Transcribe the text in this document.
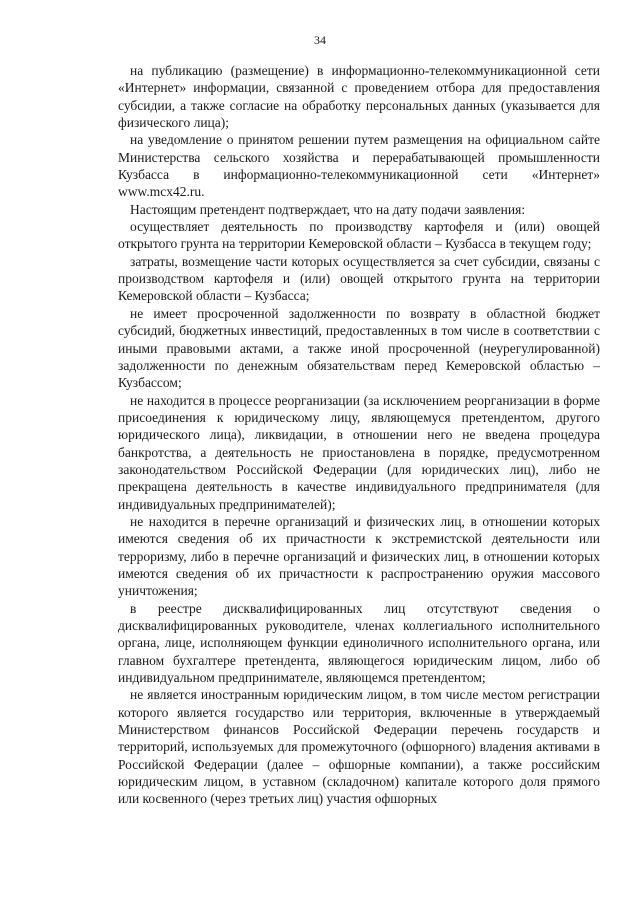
34

на публикацию (размещение) в информационно-телекоммуникационной сети «Интернет» информации, связанной с проведением отбора для предоставления субсидии, а также согласие на обработку персональных данных (указывается для физического лица);

на уведомление о принятом решении путем размещения на официальном сайте Министерства сельского хозяйства и перерабатывающей промышленности Кузбасса в информационно-телекоммуникационной сети «Интернет» www.mcx42.ru.

Настоящим претендент подтверждает, что на дату подачи заявления:

осуществляет деятельность по производству картофеля и (или) овощей открытого грунта на территории Кемеровской области – Кузбасса в текущем году;

затраты, возмещение части которых осуществляется за счет субсидии, связаны с производством картофеля и (или) овощей открытого грунта на территории Кемеровской области – Кузбасса;

не имеет просроченной задолженности по возврату в областной бюджет субсидий, бюджетных инвестиций, предоставленных в том числе в соответствии с иными правовыми актами, а также иной просроченной (неурегулированной) задолженности по денежным обязательствам перед Кемеровской областью – Кузбассом;

не находится в процессе реорганизации (за исключением реорганизации в форме присоединения к юридическому лицу, являющемуся претендентом, другого юридического лица), ликвидации, в отношении него не введена процедура банкротства, а деятельность не приостановлена в порядке, предусмотренном законодательством Российской Федерации (для юридических лиц), либо не прекращена деятельность в качестве индивидуального предпринимателя (для индивидуальных предпринимателей);

не находится в перечне организаций и физических лиц, в отношении которых имеются сведения об их причастности к экстремистской деятельности или терроризму, либо в перечне организаций и физических лиц, в отношении которых имеются сведения об их причастности к распространению оружия массового уничтожения;

в реестре дисквалифицированных лиц отсутствуют сведения о дисквалифицированных руководителе, членах коллегиального исполнительного органа, лице, исполняющем функции единоличного исполнительного органа, или главном бухгалтере претендента, являющегося юридическим лицом, либо об индивидуальном предпринимателе, являющемся претендентом;

не является иностранным юридическим лицом, в том числе местом регистрации которого является государство или территория, включенные в утверждаемый Министерством финансов Российской Федерации перечень государств и территорий, используемых для промежуточного (офшорного) владения активами в Российской Федерации (далее – офшорные компании), а также российским юридическим лицом, в уставном (складочном) капитале которого доля прямого или косвенного (через третьих лиц) участия офшорных
